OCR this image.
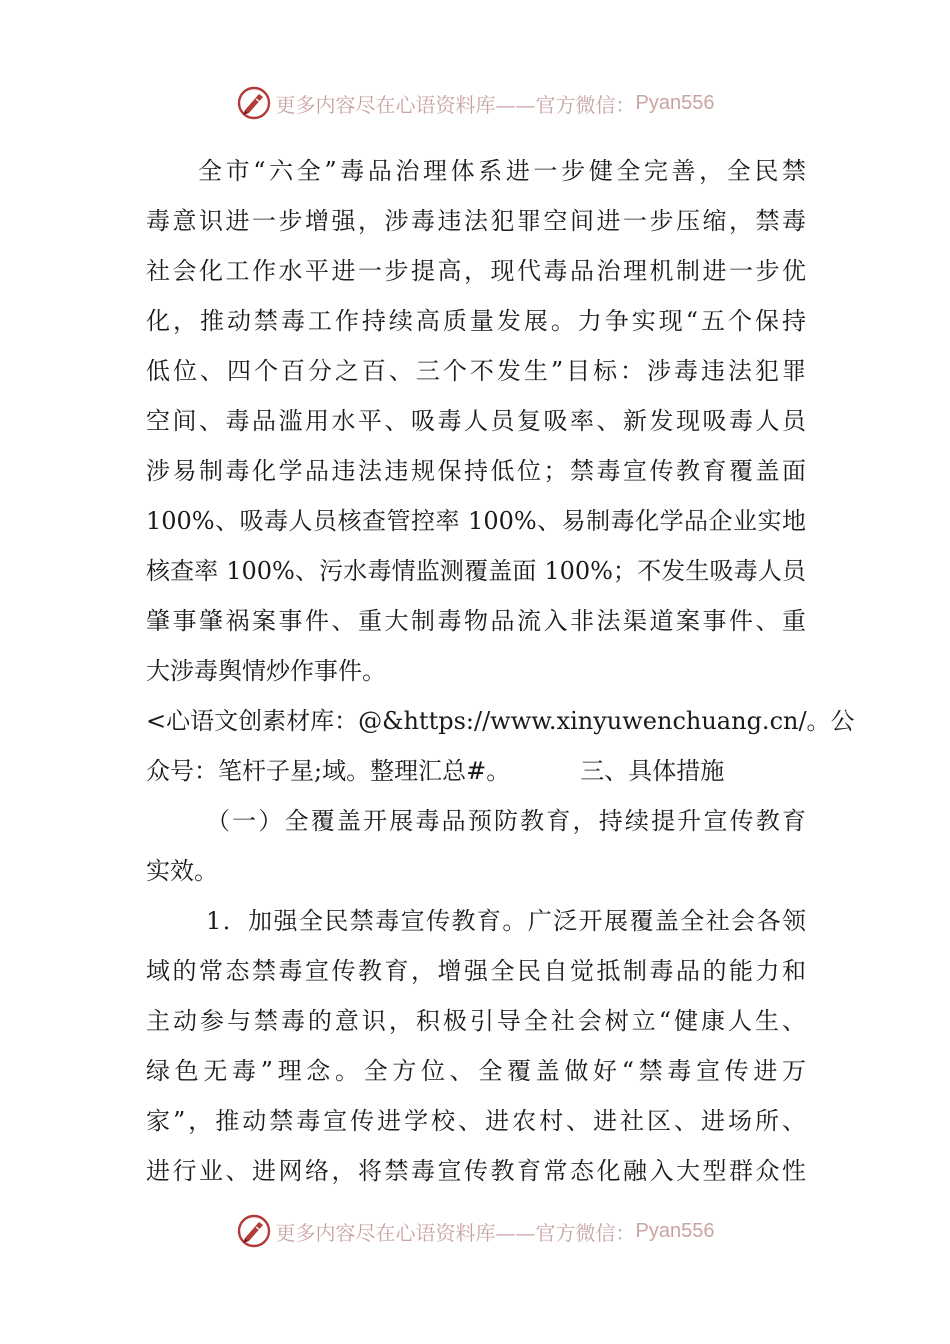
更多内容尽在心语资料库——官方微信： Pyan556
全市“六全”毒品治理体系进一步健全完善，全民禁
毒意识进一步增强，涉毒违法犯罪空间进一步压缩，禁毒
社会化工作水平进一步提高，现代毒品治理机制进一步优
化，推动禁毒工作持续高质量发展。力争实现“五个保持
低位、四个百分之百、三个不发生”目标：涉毒违法犯罪
空间、毒品滥用水平、吸毒人员复吸率、新发现吸毒人员
涉易制毒化学品违法违规保持低位；禁毒宣传教育覆盖面
100%、吸毒人员核查管控率 100%、易制毒化学品企业实地
核查率 100%、污水毒情监测覆盖面 100%；不发生吸毒人员
肇事肇祸案事件、重大制毒物品流入非法渠道案事件、重
大涉毒舆情炒作事件。
<心语文创素材库：@&https://www.xinyuwenchuang.cn/。公
众号：笔杆子星;域。整理汇总#。	三、具体措施
（一）全覆盖开展毒品预防教育，持续提升宣传教育
实效。
1．加强全民禁毒宣传教育。广泛开展覆盖全社会各领
域的常态禁毒宣传教育，增强全民自觉抵制毒品的能力和
主动参与禁毒的意识，积极引导全社会树立“健康人生、
绿色无毒”理念。全方位、全覆盖做好“禁毒宣传进万
家”，推动禁毒宣传进学校、进农村、进社区、进场所、
进行业、进网络，将禁毒宣传教育常态化融入大型群众性
更多内容尽在心语资料库——官方微信： Pyan556
